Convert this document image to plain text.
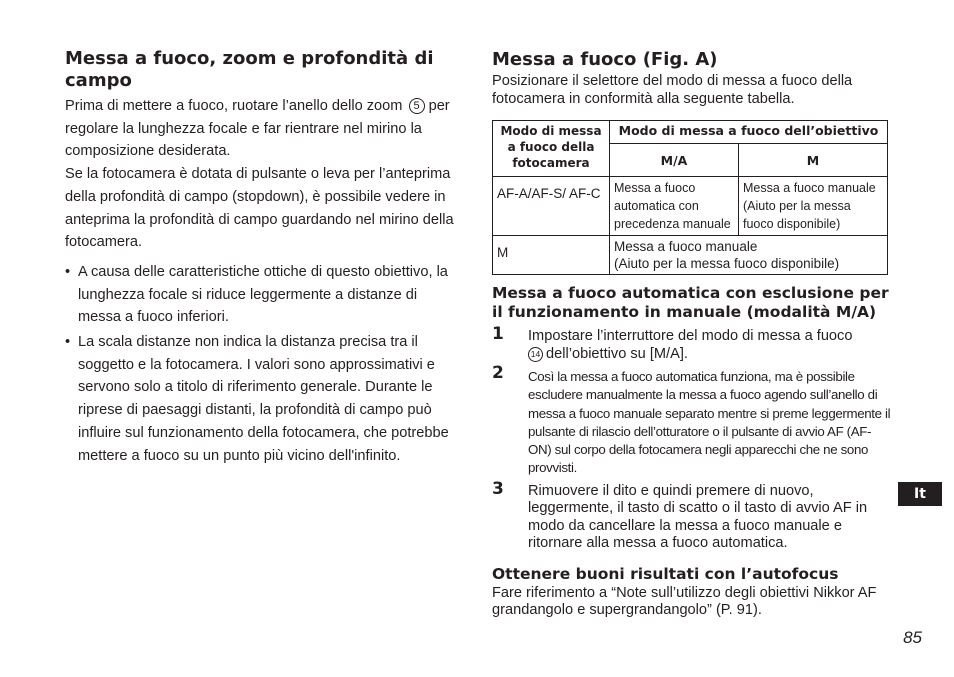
Messa a fuoco, zoom e profondità di campo

Prima di mettere a fuoco, ruotare l’anello dello zoom 5 per regolare la lunghezza focale e far rientrare nel mirino la composizione desiderata.

Se la fotocamera è dotata di pulsante o leva per l’anteprima della profondità di campo (stopdown), è possibile vedere in anteprima la profondità di campo guardando nel mirino della fotocamera.

• A causa delle caratteristiche ottiche di questo obiettivo, la lunghezza focale si riduce leggermente a distanze di messa a fuoco inferiori.
• La scala distanze non indica la distanza precisa tra il soggetto e la fotocamera. I valori sono approssimativi e servono solo a titolo di riferimento generale. Durante le riprese di paesaggi distanti, la profondità di campo può influire sul funzionamento della fotocamera, che potrebbe mettere a fuoco su un punto più vicino dell'infinito.
Messa a fuoco (Fig. A)

Posizionare il selettore del modo di messa a fuoco della fotocamera in conformità alla seguente tabella.

Modo di messa a fuoco della fotocamera	Modo di messa a fuoco dell’obiettivo	
	M/A	M
AF-A/AF-S/ AF-C	Messa a fuoco automatica con precedenza manuale	Messa a fuoco manuale (Aiuto per la messa fuoco disponibile)
M	Messa a fuoco manuale
(Aiuto per la messa fuoco disponibile)	
Messa a fuoco automatica con esclusione per il funzionamento in manuale (modalità M/A)
1 Impostare l’interruttore del modo di messa a fuoco
14 dell’obiettivo su [M/A].
2 Così la messa a fuoco automatica funziona, ma è possibile escludere manualmente la messa a fuoco agendo sull’anello di messa a fuoco manuale separato mentre si preme leggermente il pulsante di rilascio dell’otturatore o il pulsante di avvio AF (AF-ON) sul corpo della fotocamera negli apparecchi che ne sono provvisti.
3 Rimuovere il dito e quindi premere di nuovo, leggermente, il tasto di scatto o il tasto di avvio AF in modo da cancellare la messa a fuoco manuale e ritornare alla messa a fuoco automatica.
Ottenere buoni risultati con l’autofocus

Fare riferimento a “Note sull’utilizzo degli obiettivi Nikkor AF grandangolo e supergrandangolo” (P. 91).

It
85
